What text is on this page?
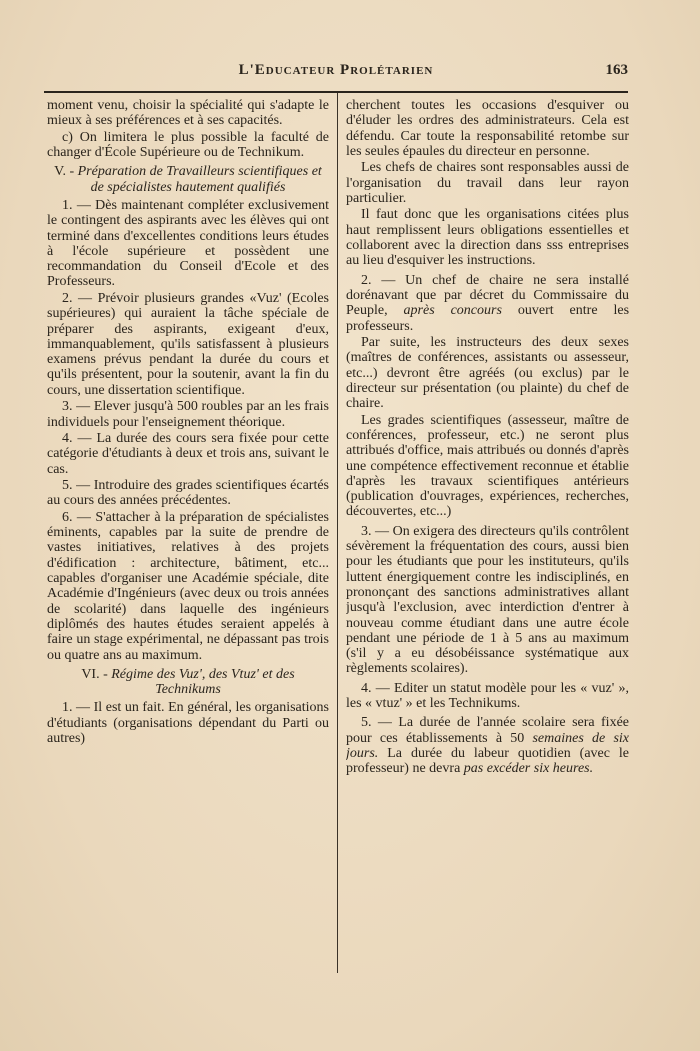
L'Educateur Prolétarien	163

moment venu, choisir la spécialité qui s'adapte le mieux à ses préférences et à ses capacités.

c) On limitera le plus possible la faculté de changer d'École Supérieure ou de Technikum.

V. - Préparation de Travailleurs scientifiques et de spécialistes hautement qualifiés

1. — Dès maintenant compléter exclusivement le contingent des aspirants avec les élèves qui ont terminé dans d'excellentes conditions leurs études à l'école supérieure et possèdent une recommandation du Conseil d'Ecole et des Professeurs.

2. — Prévoir plusieurs grandes «Vuz' (Ecoles supérieures) qui auraient la tâche spéciale de préparer des aspirants, exigeant d'eux, immanquablement, qu'ils satisfassent à plusieurs examens prévus pendant la durée du cours et qu'ils présentent, pour la soutenir, avant la fin du cours, une dissertation scientifique.

3. — Elever jusqu'à 500 roubles par an les frais individuels pour l'enseignement théorique.

4. — La durée des cours sera fixée pour cette catégorie d'étudiants à deux et trois ans, suivant le cas.

5. — Introduire des grades scientifiques écartés au cours des années précédentes.

6. — S'attacher à la préparation de spécialistes éminents, capables par la suite de prendre de vastes initiatives, relatives à des projets d'édification : architecture, bâtiment, etc... capables d'organiser une Académie spéciale, dite Académie d'Ingénieurs (avec deux ou trois années de scolarité) dans laquelle des ingénieurs diplômés des hautes études seraient appelés à faire un stage expérimental, ne dépassant pas trois ou quatre ans au maximum.

VI. - Régime des Vuz', des Vtuz' et des Technikums

1. — Il est un fait. En général, les organisations d'étudiants (organisations dépendant du Parti ou autres)

cherchent toutes les occasions d'esquiver ou d'éluder les ordres des administrateurs. Cela est défendu. Car toute la responsabilité retombe sur les seules épaules du directeur en personne.

Les chefs de chaires sont responsables aussi de l'organisation du travail dans leur rayon particulier.

Il faut donc que les organisations citées plus haut remplissent leurs obligations essentielles et collaborent avec la direction dans sss entreprises au lieu d'esquiver les instructions.

2. — Un chef de chaire ne sera installé dorénavant que par décret du Commissaire du Peuple, après concours ouvert entre les professeurs.

Par suite, les instructeurs des deux sexes (maîtres de conférences, assistants ou assesseur, etc...) devront être agréés (ou exclus) par le directeur sur présentation (ou plainte) du chef de chaire.

Les grades scientifiques (assesseur, maître de conférences, professeur, etc.) ne seront plus attribués d'office, mais attribués ou donnés d'après une compétence effectivement reconnue et établie d'après les travaux scientifiques antérieurs (publication d'ouvrages, expériences, recherches, découvertes, etc...)

3. — On exigera des directeurs qu'ils contrôlent sévèrement la fréquentation des cours, aussi bien pour les étudiants que pour les instituteurs, qu'ils luttent énergiquement contre les indisciplinés, en prononçant des sanctions administratives allant jusqu'à l'exclusion, avec interdiction d'entrer à nouveau comme étudiant dans une autre école pendant une période de 1 à 5 ans au maximum (s'il y a eu désobéissance systématique aux règlements scolaires).

4. — Editer un statut modèle pour les « vuz' », les « vtuz' » et les Technikums.

5. — La durée de l'année scolaire sera fixée pour ces établissements à 50 semaines de six jours. La durée du labeur quotidien (avec le professeur) ne devra pas excéder six heures.
